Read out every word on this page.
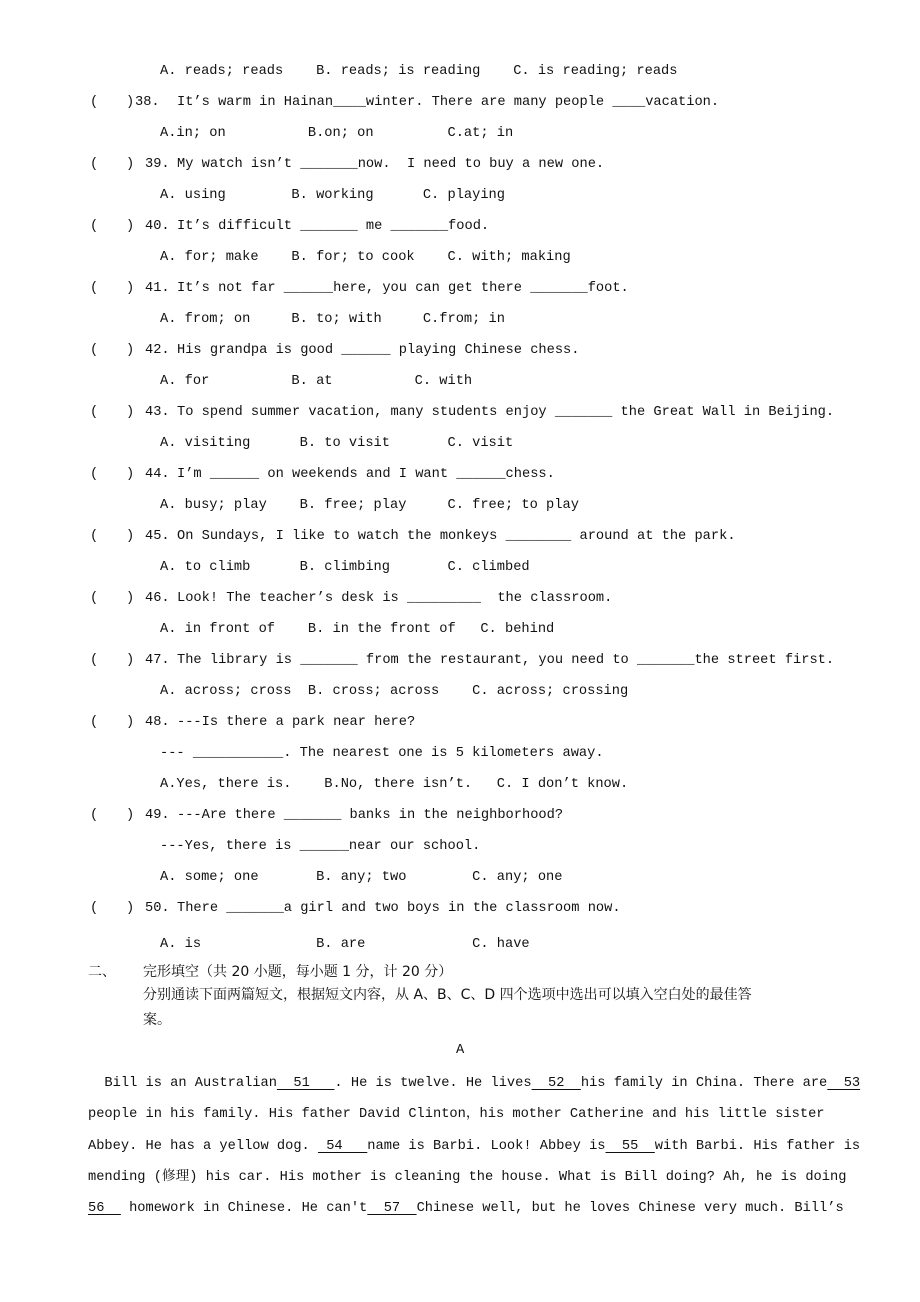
A. reads; reads    B. reads; is reading    C. is reading; reads
( ) 38. It’s warm in Hainan____winter. There are many people ____vacation.
A.in; on          B.on; on         C.at; in
( ) 39. My watch isn’t _______now.  I need to buy a new one.
A. using        B. working      C. playing
( ) 40. It’s difficult _______ me _______food.
A. for; make    B. for; to cook    C. with; making
( ) 41. It’s not far ______here, you can get there _______foot.
A. from; on     B. to; with     C.from; in
( ) 42. His grandpa is good ______ playing Chinese chess.
A. for          B. at          C. with
( ) 43. To spend summer vacation, many students enjoy _______ the Great Wall in Beijing.
A. visiting      B. to visit       C. visit
( ) 44. I’m ______ on weekends and I want ______chess.
A. busy; play    B. free; play     C. free; to play
( ) 45. On Sundays, I like to watch the monkeys ________ around at the park.
A. to climb      B. climbing       C. climbed
( ) 46. Look! The teacher’s desk is _________  the classroom.
A. in front of    B. in the front of   C. behind
( ) 47. The library is _______ from the restaurant, you need to _______the street first.
A. across; cross  B. cross; across    C. across; crossing
( ) 48. ---Is there a park near here?
--- ___________. The nearest one is 5 kilometers away.
A.Yes, there is.    B.No, there isn’t.   C. I don’t know.
( ) 49. ---Are there _______ banks in the neighborhood?
---Yes, there is ______near our school.
A. some; one       B. any; two        C. any; one
( ) 50. There _______a girl and two boys in the classroom now.
A. is              B. are             C. have
二、 完形填空（共 20 小题，每小题 1 分，计 20 分）
分别通读下面两篇短文，根据短文内容，从 A、B、C、D 四个选项中选出可以填入空白处的最佳答
案。
A
Bill is an Australian  51   . He is twelve. He lives  52  his family in China. There are  53
people in his family. His father David Clinton，his mother Catherine and his little sister
Abbey. He has a yellow dog.  54   name is Barbi. Look! Abbey is  55  with Barbi. His father is
mending (修理) his car. His mother is cleaning the house. What is Bill doing? Ah, he is doing
56   homework in Chinese. He can't  57  Chinese well, but he loves Chinese very much. Bill’s
